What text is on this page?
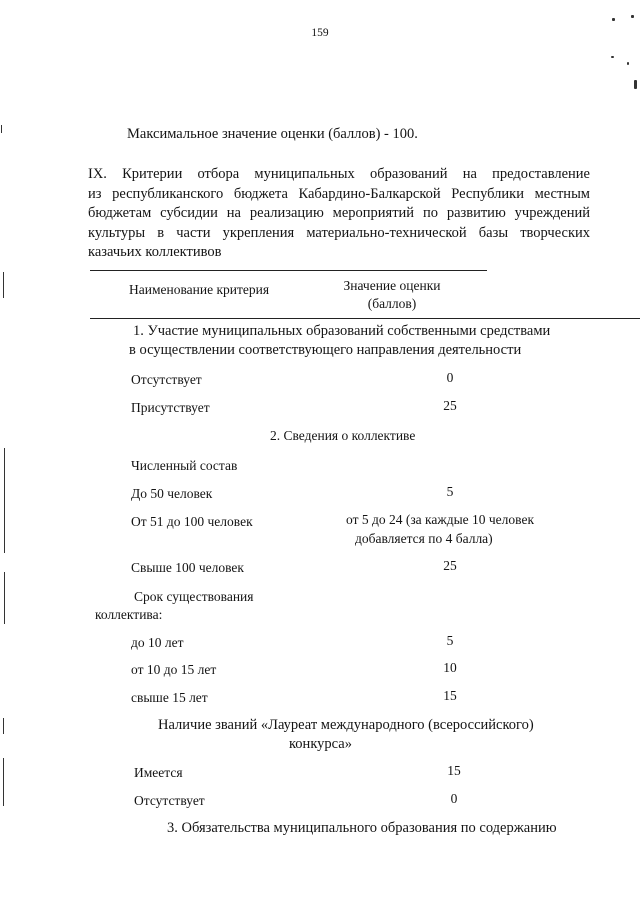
159
Максимальное значение оценки (баллов) - 100.
IX. Критерии отбора муниципальных образований на предоставление
из республиканского бюджета Кабардино-Балкарской Республики местным
бюджетам субсидии на реализацию мероприятий по развитию учреждений
культуры в части укрепления материально-технической базы творческих
казачьих коллективов
Наименование критерия	Значение оценки
(баллов)
1. Участие муниципальных образований собственными средствами
в осуществлении соответствующего направления деятельности
Отсутствует	0
Присутствует	25
2. Сведения о коллективе
Численный состав
До 50 человек	5
От 51 до 100 человек	от 5 до 24 (за каждые 10 человек
добавляется по 4 балла)
Свыше 100 человек	25
Срок существования
коллектива:
до 10 лет	5
от 10 до 15 лет	10
свыше 15 лет	15
Наличие званий «Лауреат международного (всероссийского)
конкурса»
Имеется	15
Отсутствует	0
3. Обязательства муниципального образования по содержанию
